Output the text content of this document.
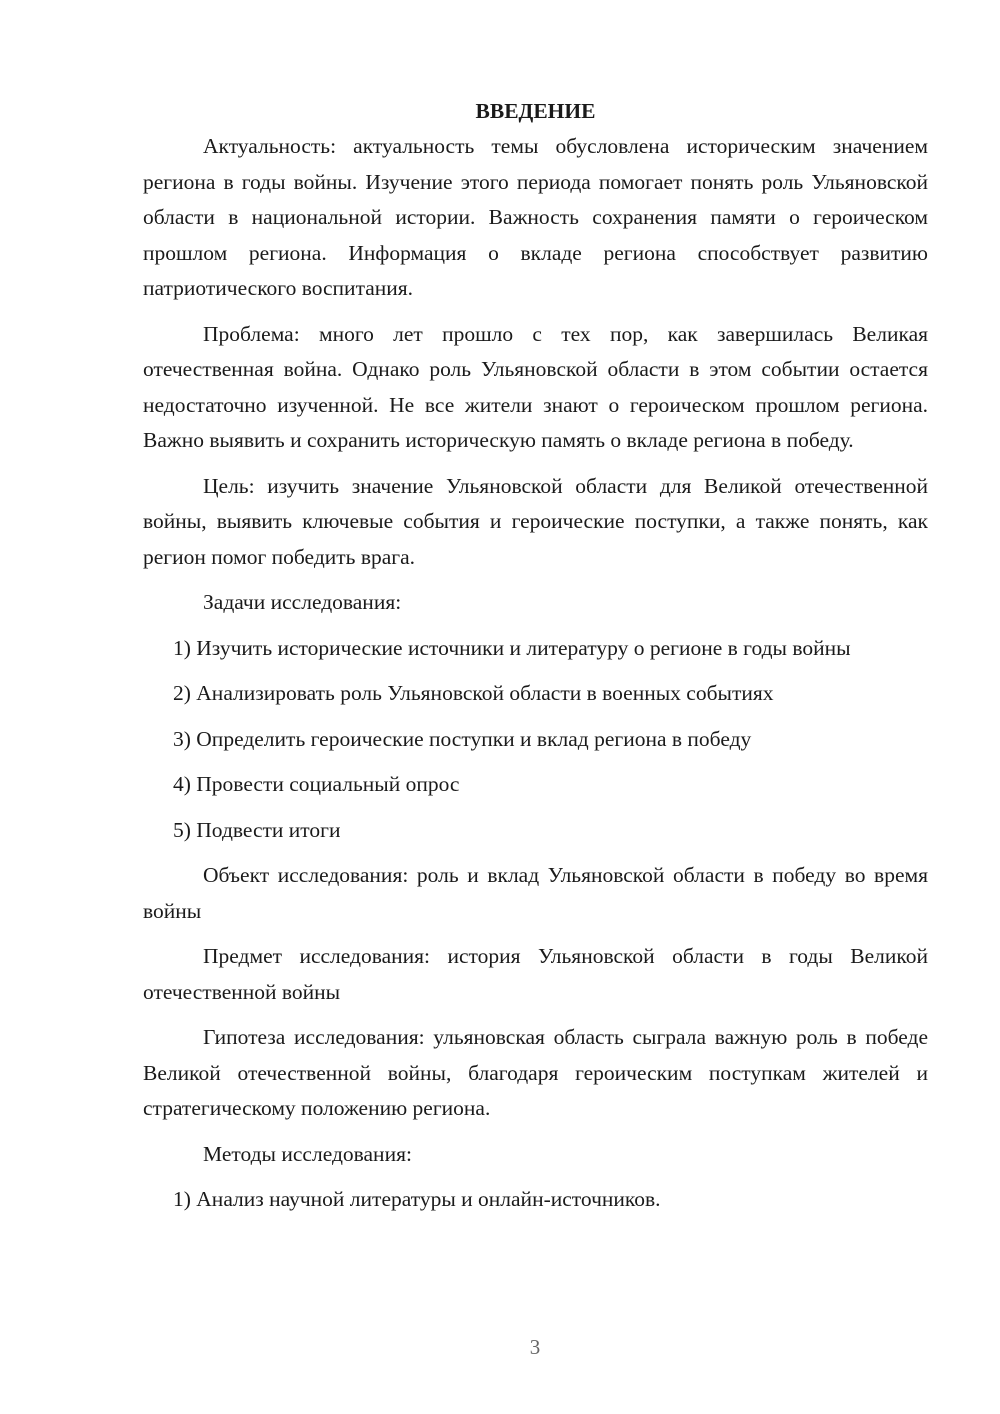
ВВЕДЕНИЕ

Актуальность: актуальность темы обусловлена историческим значением региона в годы войны. Изучение этого периода помогает понять роль Ульяновской области в национальной истории. Важность сохранения памяти о героическом прошлом региона. Информация о вкладе региона способствует развитию патриотического воспитания.

Проблема: много лет прошло с тех пор, как завершилась Великая отечественная война. Однако роль Ульяновской области в этом событии остается недостаточно изученной. Не все жители знают о героическом прошлом региона. Важно выявить и сохранить историческую память о вкладе региона в победу.

Цель: изучить значение Ульяновской области для Великой отечественной войны, выявить ключевые события и героические поступки, а также понять, как регион помог победить врага.

Задачи исследования:

1) Изучить исторические источники и литературу о регионе в годы войны

2) Анализировать роль Ульяновской области в военных событиях

3) Определить героические поступки и вклад региона в победу

4) Провести социальный опрос

5) Подвести итоги

Объект исследования: роль и вклад Ульяновской области в победу во время войны

Предмет исследования: история Ульяновской области в годы Великой отечественной войны

Гипотеза исследования: ульяновская область сыграла важную роль в победе Великой отечественной войны, благодаря героическим поступкам жителей и стратегическому положению региона.

Методы исследования:

1) Анализ научной литературы и онлайн-источников.

3
